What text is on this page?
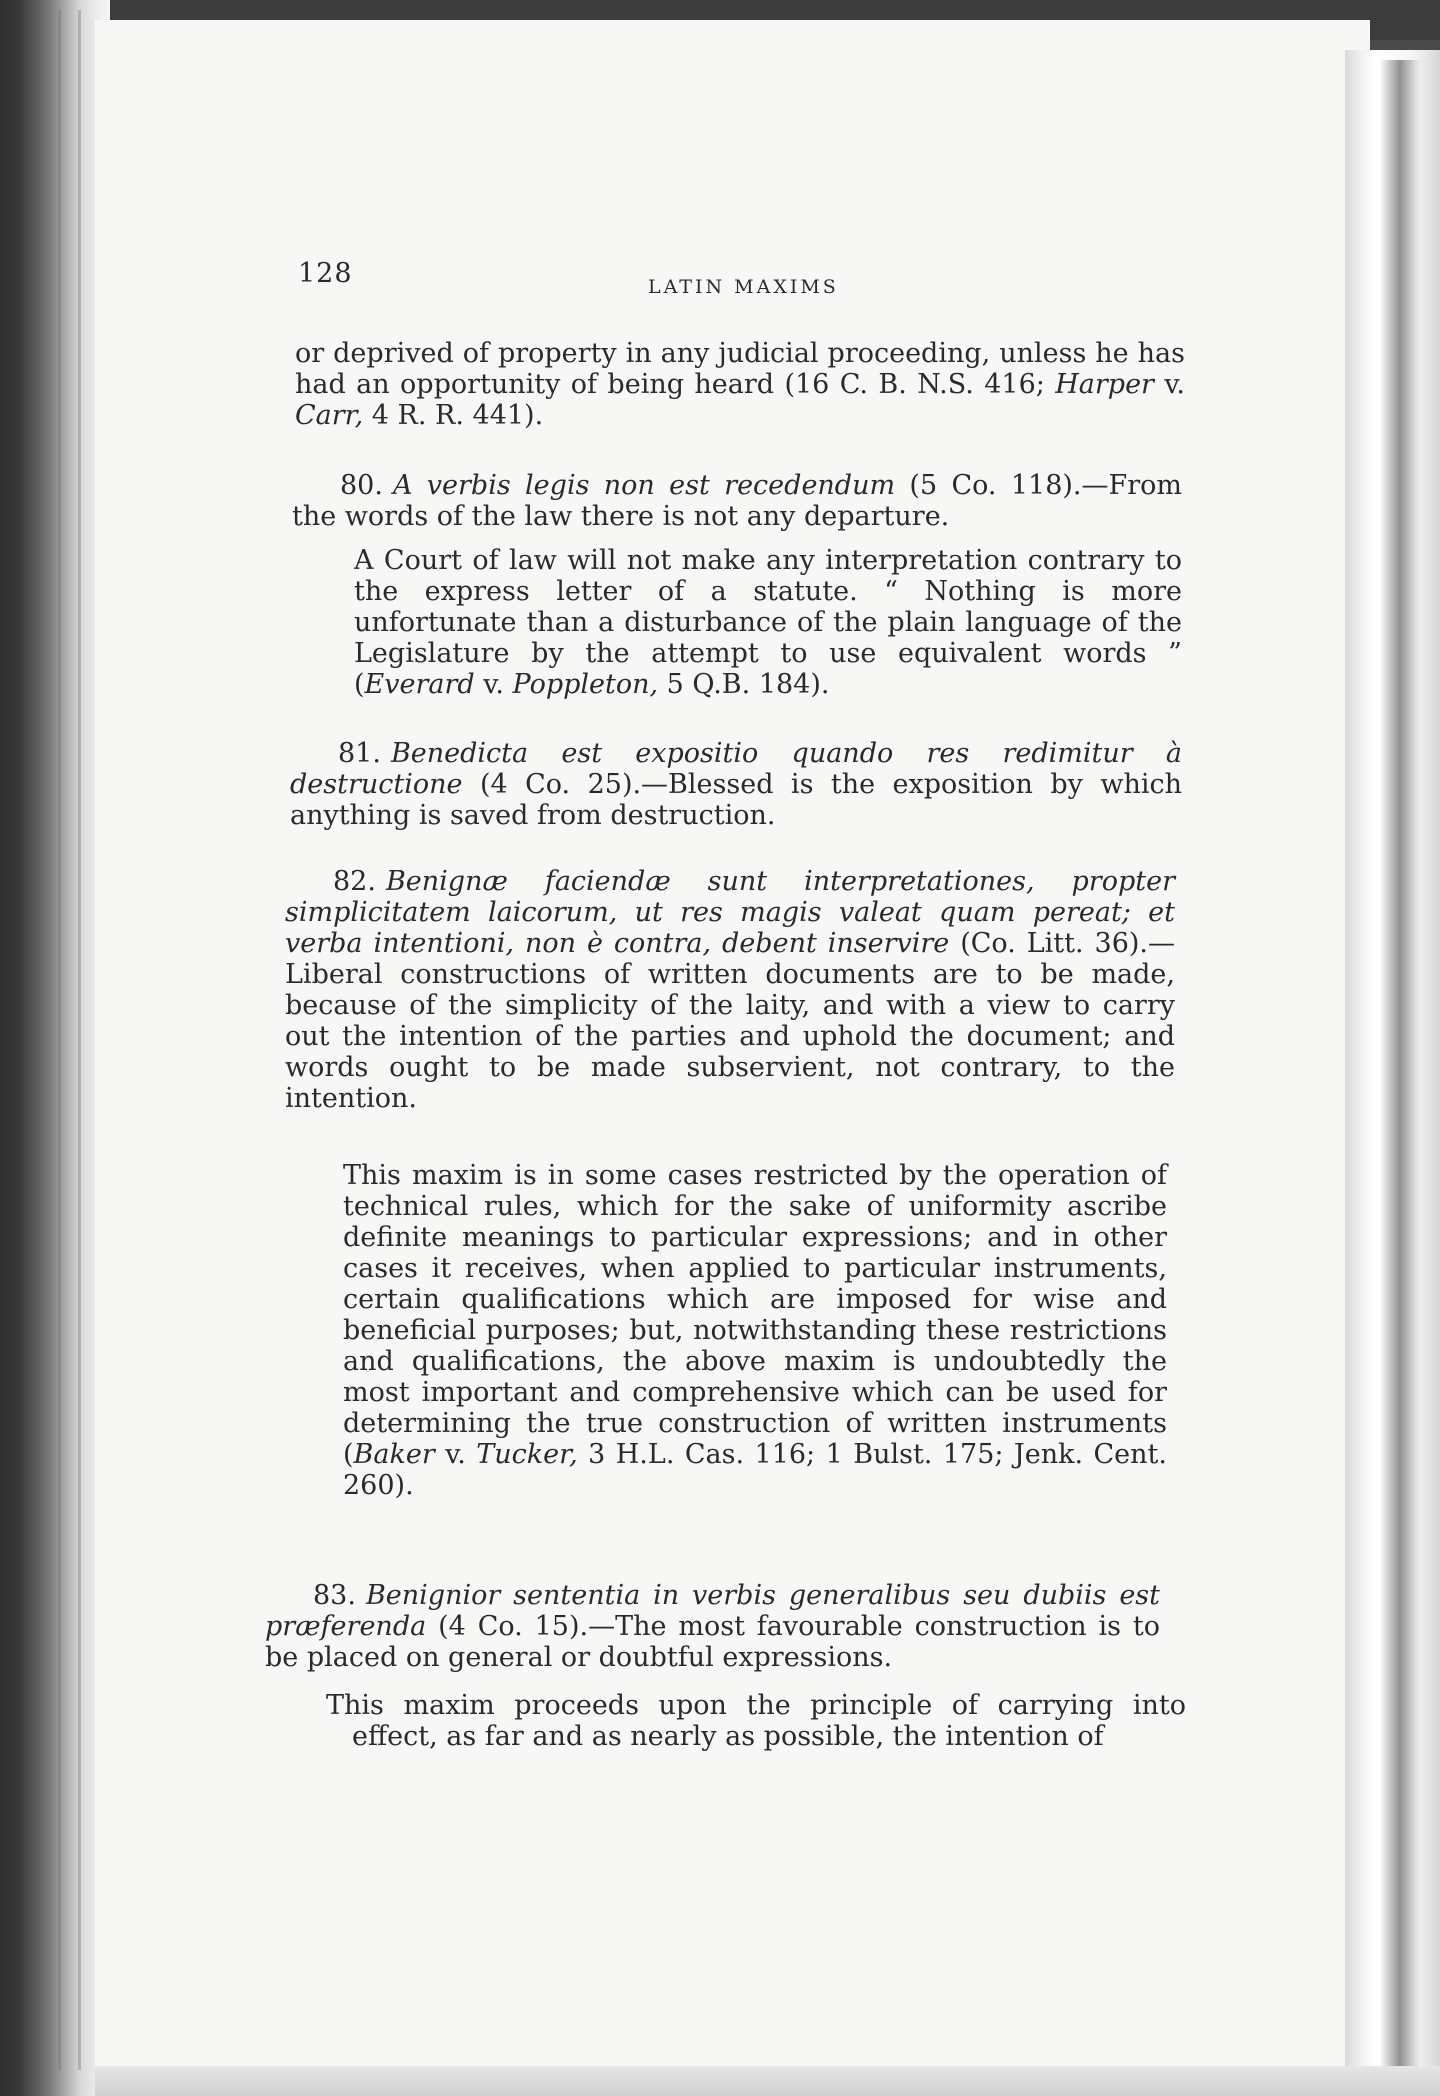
128	LATIN MAXIMS

or deprived of property in any judicial proceeding, unless he has had an opportunity of being heard (16 C. B. N.S. 416; Harper v. Carr, 4 R. R. 441).

80. A verbis legis non est recedendum (5 Co. 118).—From the words of the law there is not any departure.

A Court of law will not make any interpretation contrary to the express letter of a statute. “ Nothing is more unfortunate than a disturbance of the plain language of the Legislature by the attempt to use equivalent words ” (Everard v. Poppleton, 5 Q.B. 184).

81. Benedicta est expositio quando res redimitur à destructione (4 Co. 25).—Blessed is the exposition by which anything is saved from destruction.

82. Benignæ faciendæ sunt interpretationes, propter simplicitatem laicorum, ut res magis valeat quam pereat; et verba intentioni, non è contra, debent inservire (Co. Litt. 36).—Liberal constructions of written documents are to be made, because of the simplicity of the laity, and with a view to carry out the intention of the parties and uphold the document; and words ought to be made subservient, not contrary, to the intention.

This maxim is in some cases restricted by the operation of technical rules, which for the sake of uniformity ascribe definite meanings to particular expressions; and in other cases it receives, when applied to particular instruments, certain qualifications which are imposed for wise and beneficial purposes; but, notwithstanding these restrictions and qualifications, the above maxim is undoubtedly the most important and comprehensive which can be used for determining the true construction of written instruments (Baker v. Tucker, 3 H.L. Cas. 116; 1 Bulst. 175; Jenk. Cent. 260).

83. Benignior sententia in verbis generalibus seu dubiis est præferenda (4 Co. 15).—The most favourable construction is to be placed on general or doubtful expressions.

This maxim proceeds upon the principle of carrying into effect, as far and as nearly as possible, the intention of
